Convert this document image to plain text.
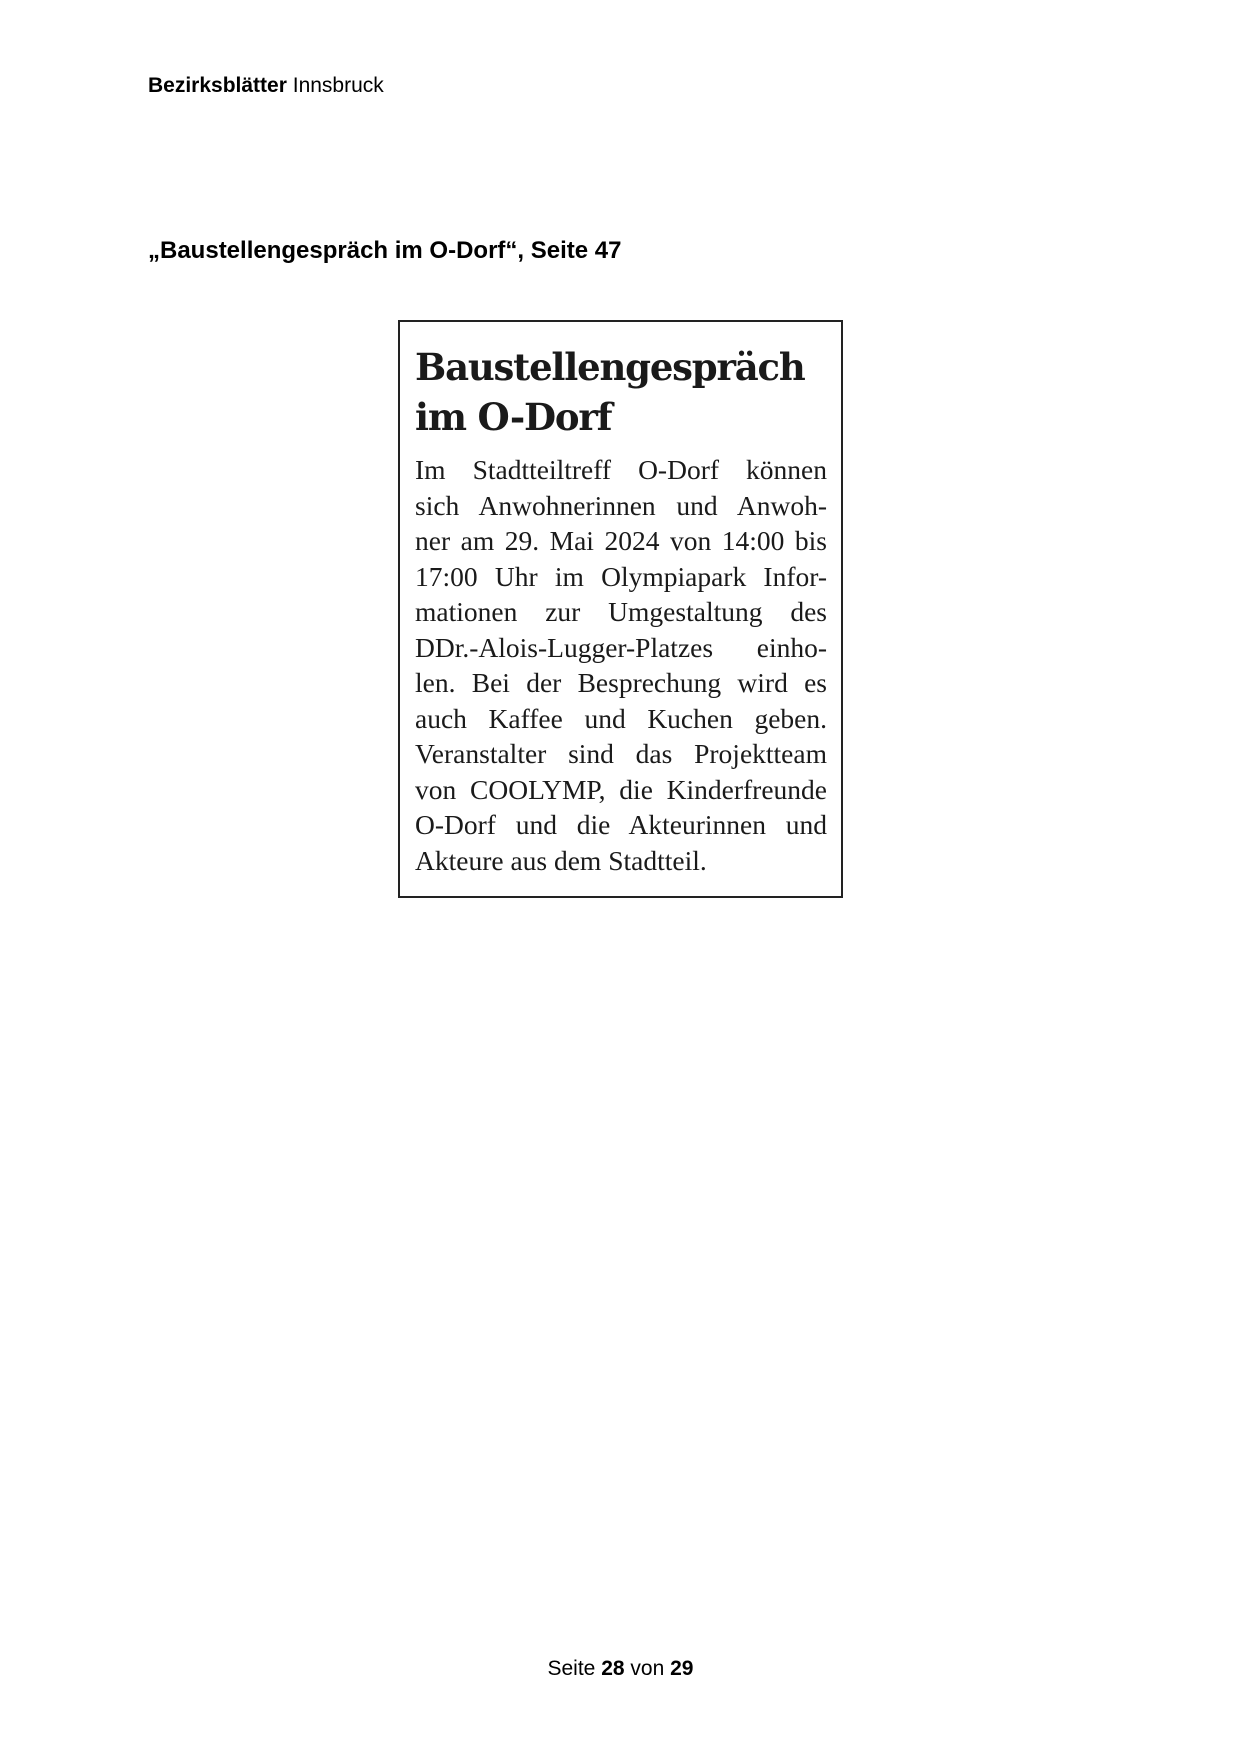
Bezirksblätter Innsbruck
„Baustellengespräch im O-Dorf“, Seite 47
Baustellengespräch
im O-Dorf
Im Stadtteiltreff O-Dorf können
sich Anwohnerinnen und Anwoh-
ner am 29. Mai 2024 von 14:00 bis
17:00 Uhr im Olympiapark Infor-
mationen zur Umgestaltung des
DDr.-Alois-Lugger-Platzes einho-
len. Bei der Besprechung wird es
auch Kaffee und Kuchen geben.
Veranstalter sind das Projektteam
von COOLYMP, die Kinderfreunde
O-Dorf und die Akteurinnen und
Akteure aus dem Stadtteil.
Seite 28 von 29
